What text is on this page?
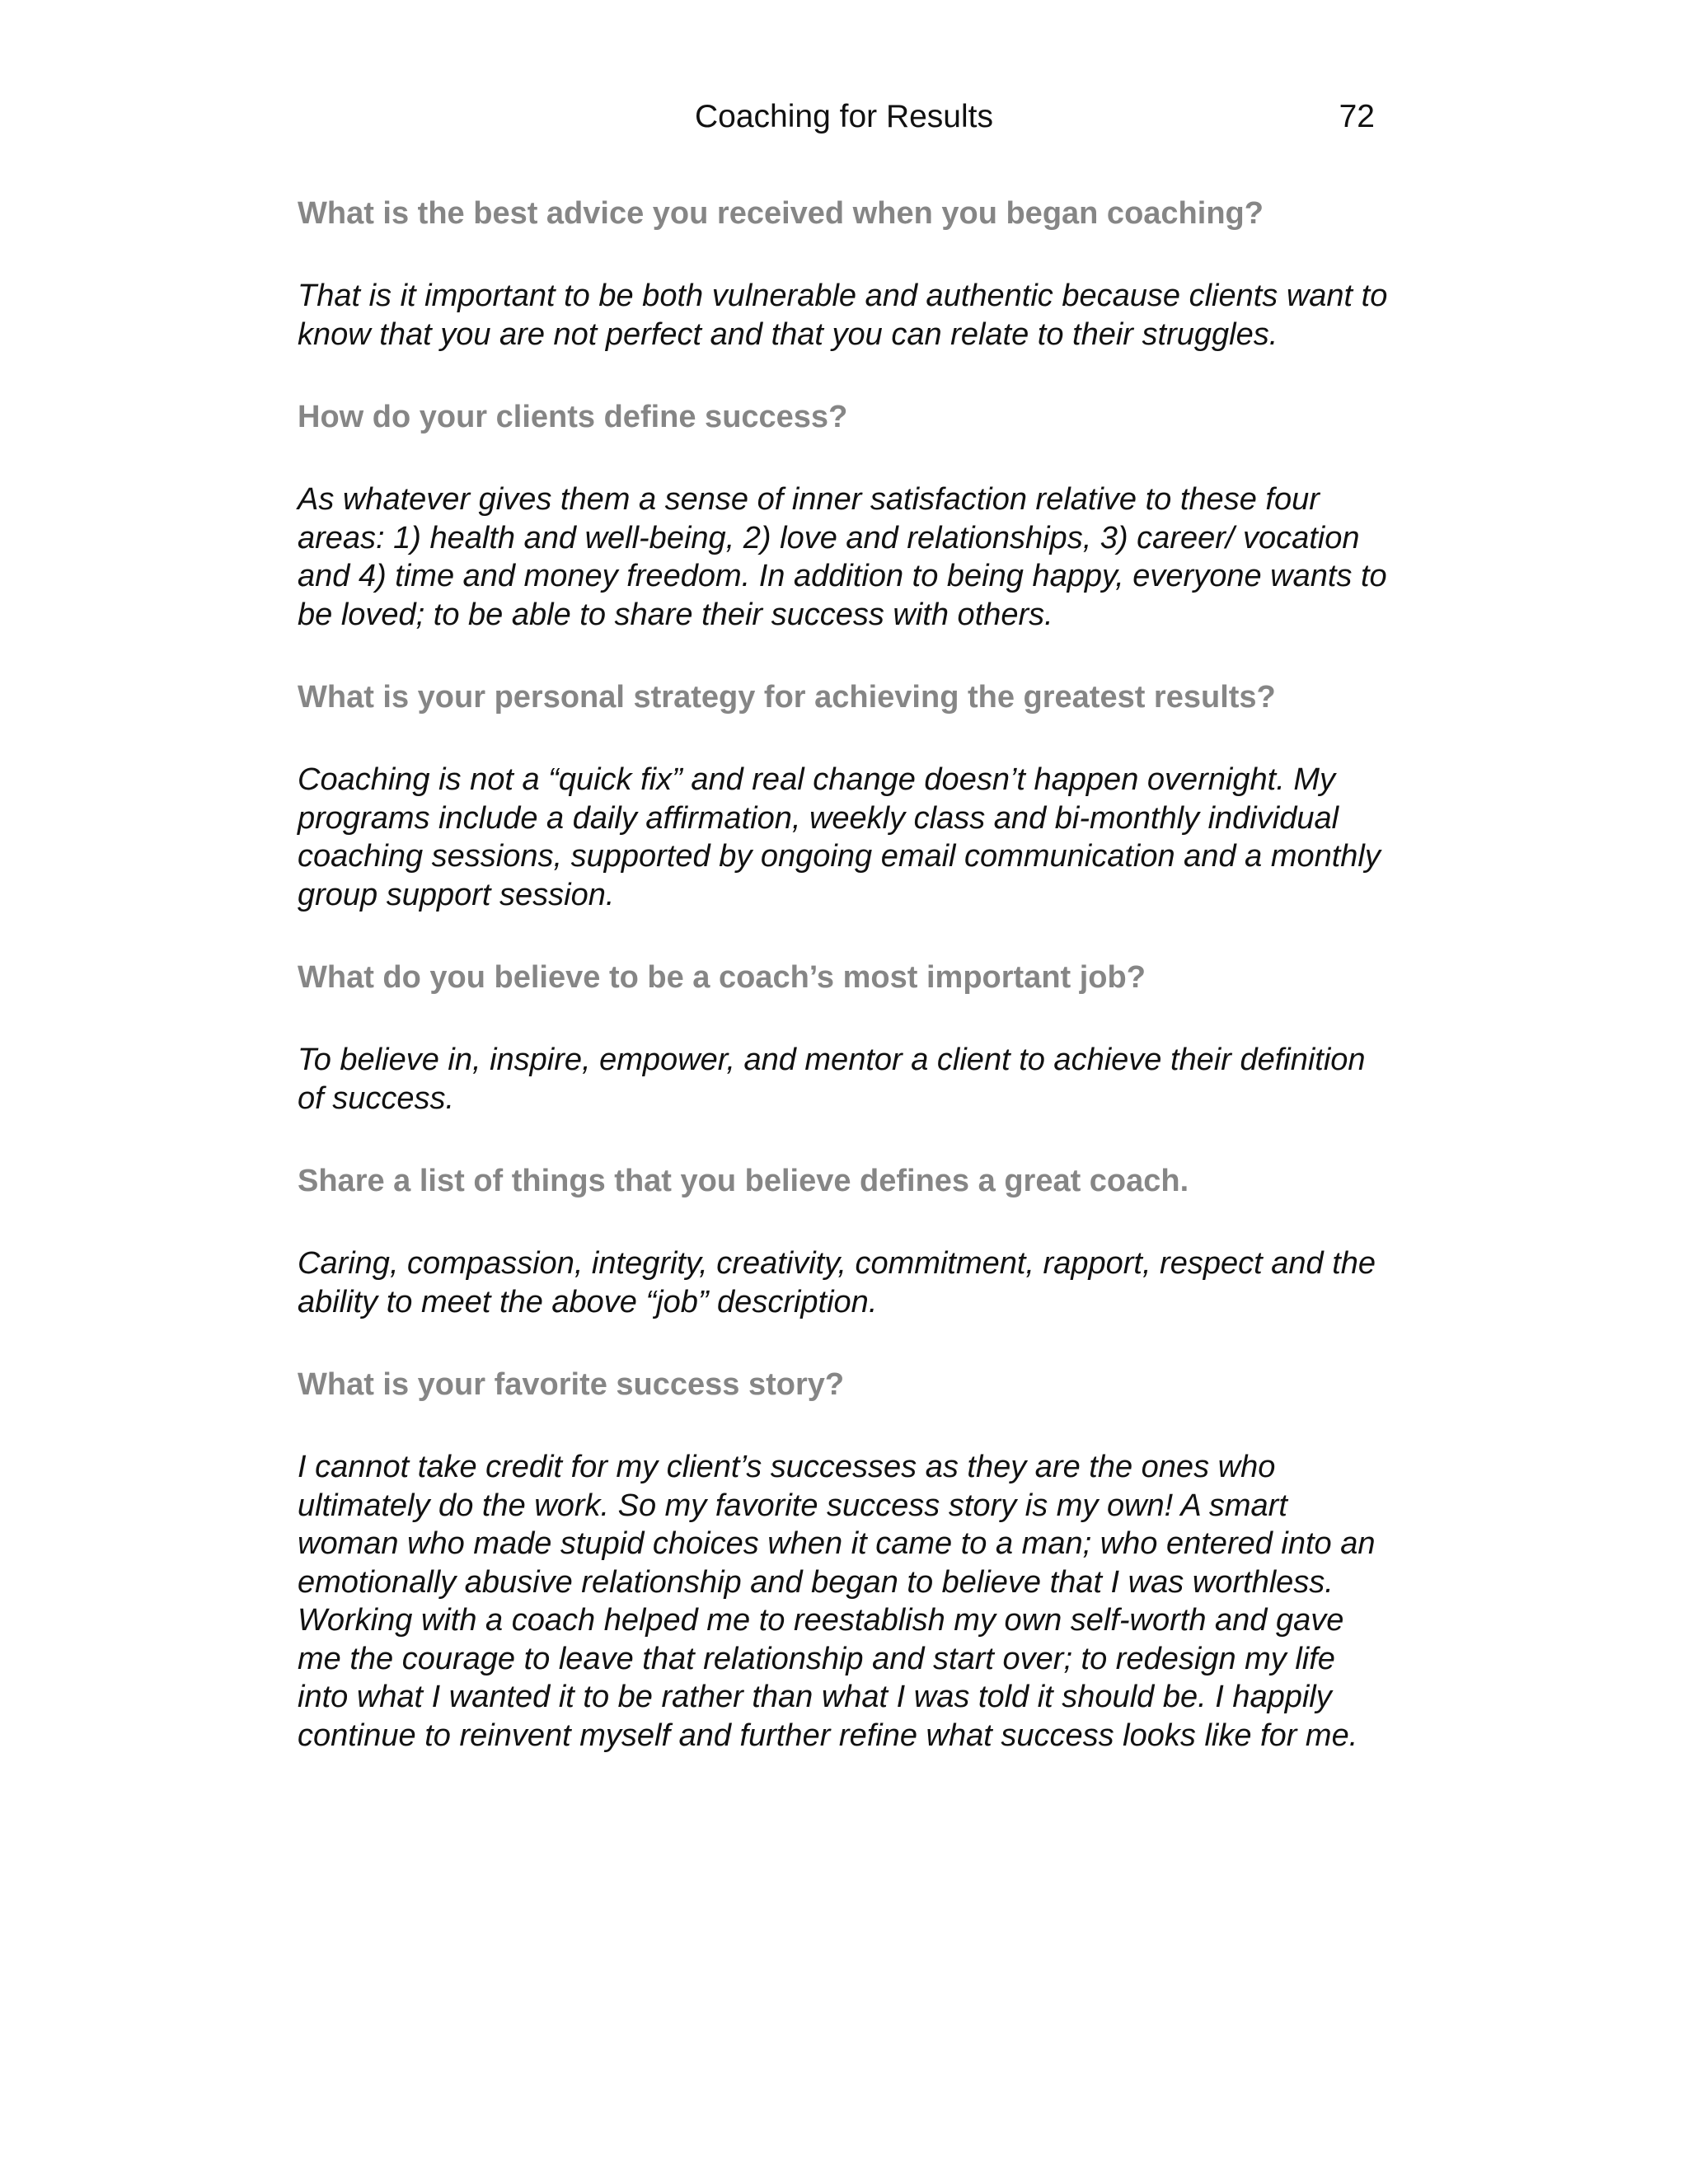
Coaching for Results	72

What is the best advice you received when you began coaching?

That is it important to be both vulnerable and authentic because clients want to know that you are not perfect and that you can relate to their struggles.

How do your clients define success?

As whatever gives them a sense of inner satisfaction relative to these four areas: 1) health and well-being, 2) love and relationships, 3) career/ vocation and 4) time and money freedom. In addition to being happy, everyone wants to be loved; to be able to share their success with others.

What is your personal strategy for achieving the greatest results?

Coaching is not a “quick fix” and real change doesn’t happen overnight. My programs include a daily affirmation, weekly class and bi-monthly individual coaching sessions, supported by ongoing email communication and a monthly group support session.

What do you believe to be a coach’s most important job?

To believe in, inspire, empower, and mentor a client to achieve their definition of success.

Share a list of things that you believe defines a great coach.

Caring, compassion, integrity, creativity, commitment, rapport, respect and the ability to meet the above “job” description.

What is your favorite success story?

I cannot take credit for my client’s successes as they are the ones who ultimately do the work. So my favorite success story is my own! A smart woman who made stupid choices when it came to a man; who entered into an emotionally abusive relationship and began to believe that I was worthless. Working with a coach helped me to reestablish my own self-worth and gave me the courage to leave that relationship and start over; to redesign my life into what I wanted it to be rather than what I was told it should be. I happily continue to reinvent myself and further refine what success looks like for me.
